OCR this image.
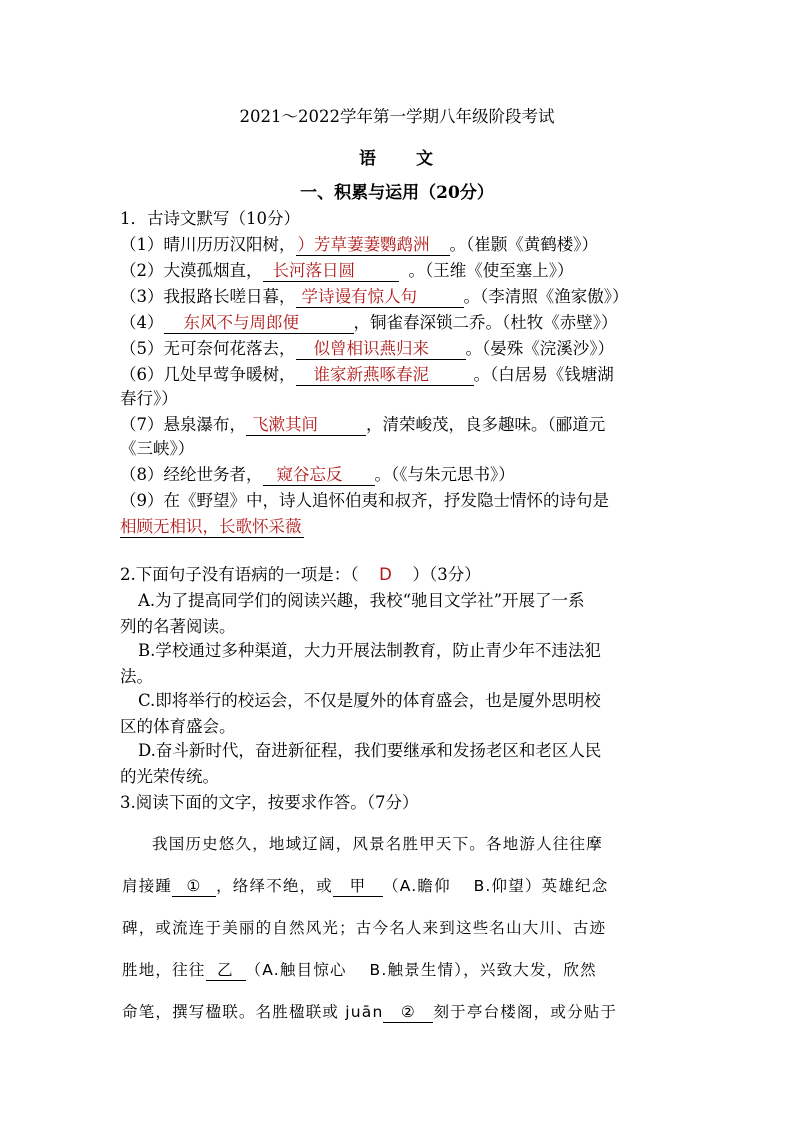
2021～2022学年第一学期八年级阶段考试
语 文
一、积累与运用（20分）
1．古诗文默写（10分）
（1）晴川历历汉阳树， ）芳草萋萋鹦鹉洲 。（崔颢《黄鹤楼》）
（2）大漠孤烟直， 长河落日圆	。（王维《使至塞上》）
（3）我报路长嗟日暮， 学诗谩有惊人句	。（李清照《渔家傲》）
（4） 东风不与周郎便	，铜雀春深锁二乔。（杜牧《赤壁》）
（5）无可奈何花落去， 似曾相识燕归来 。（晏殊《浣溪沙》）
（6）几处早莺争暖树， 谁家新燕啄春泥	。（白居易《钱塘湖
春行》）
（7）悬泉瀑布， 飞漱其间	，清荣峻茂，良多趣味。（郦道元
《三峡》）
（8）经纶世务者， 窥谷忘反 。（《与朱元思书》）
（9）在《野望》中，诗人追怀伯夷和叔齐，抒发隐士情怀的诗句是
相顾无相识，长歌怀采薇
2.下面句子没有语病的一项是：（ D ）（3分）
A.为了提高同学们的阅读兴趣，我校“驰目文学社”开展了一系
列的名著阅读。
B.学校通过多种渠道，大力开展法制教育，防止青少年不违法犯
法。
C.即将举行的校运会，不仅是厦外的体育盛会，也是厦外思明校
区的体育盛会。
D.奋斗新时代，奋进新征程，我们要继承和发扬老区和老区人民
的光荣传统。
3.阅读下面的文字，按要求作答。（7分）
我国历史悠久，地域辽阔，风景名胜甲天下。各地游人往往摩
肩接踵 ① ，络绎不绝，或 甲 （A.瞻仰　 B.仰望）英雄纪念
碑，或流连于美丽的自然风光；古今名人来到这些名山大川、古迹
胜地，往往 乙 （A.触目惊心　 B.触景生情），兴致大发，欣然
命笔，撰写楹联。名胜楹联或 juān ② 刻于亭台楼阁，或分贴于
